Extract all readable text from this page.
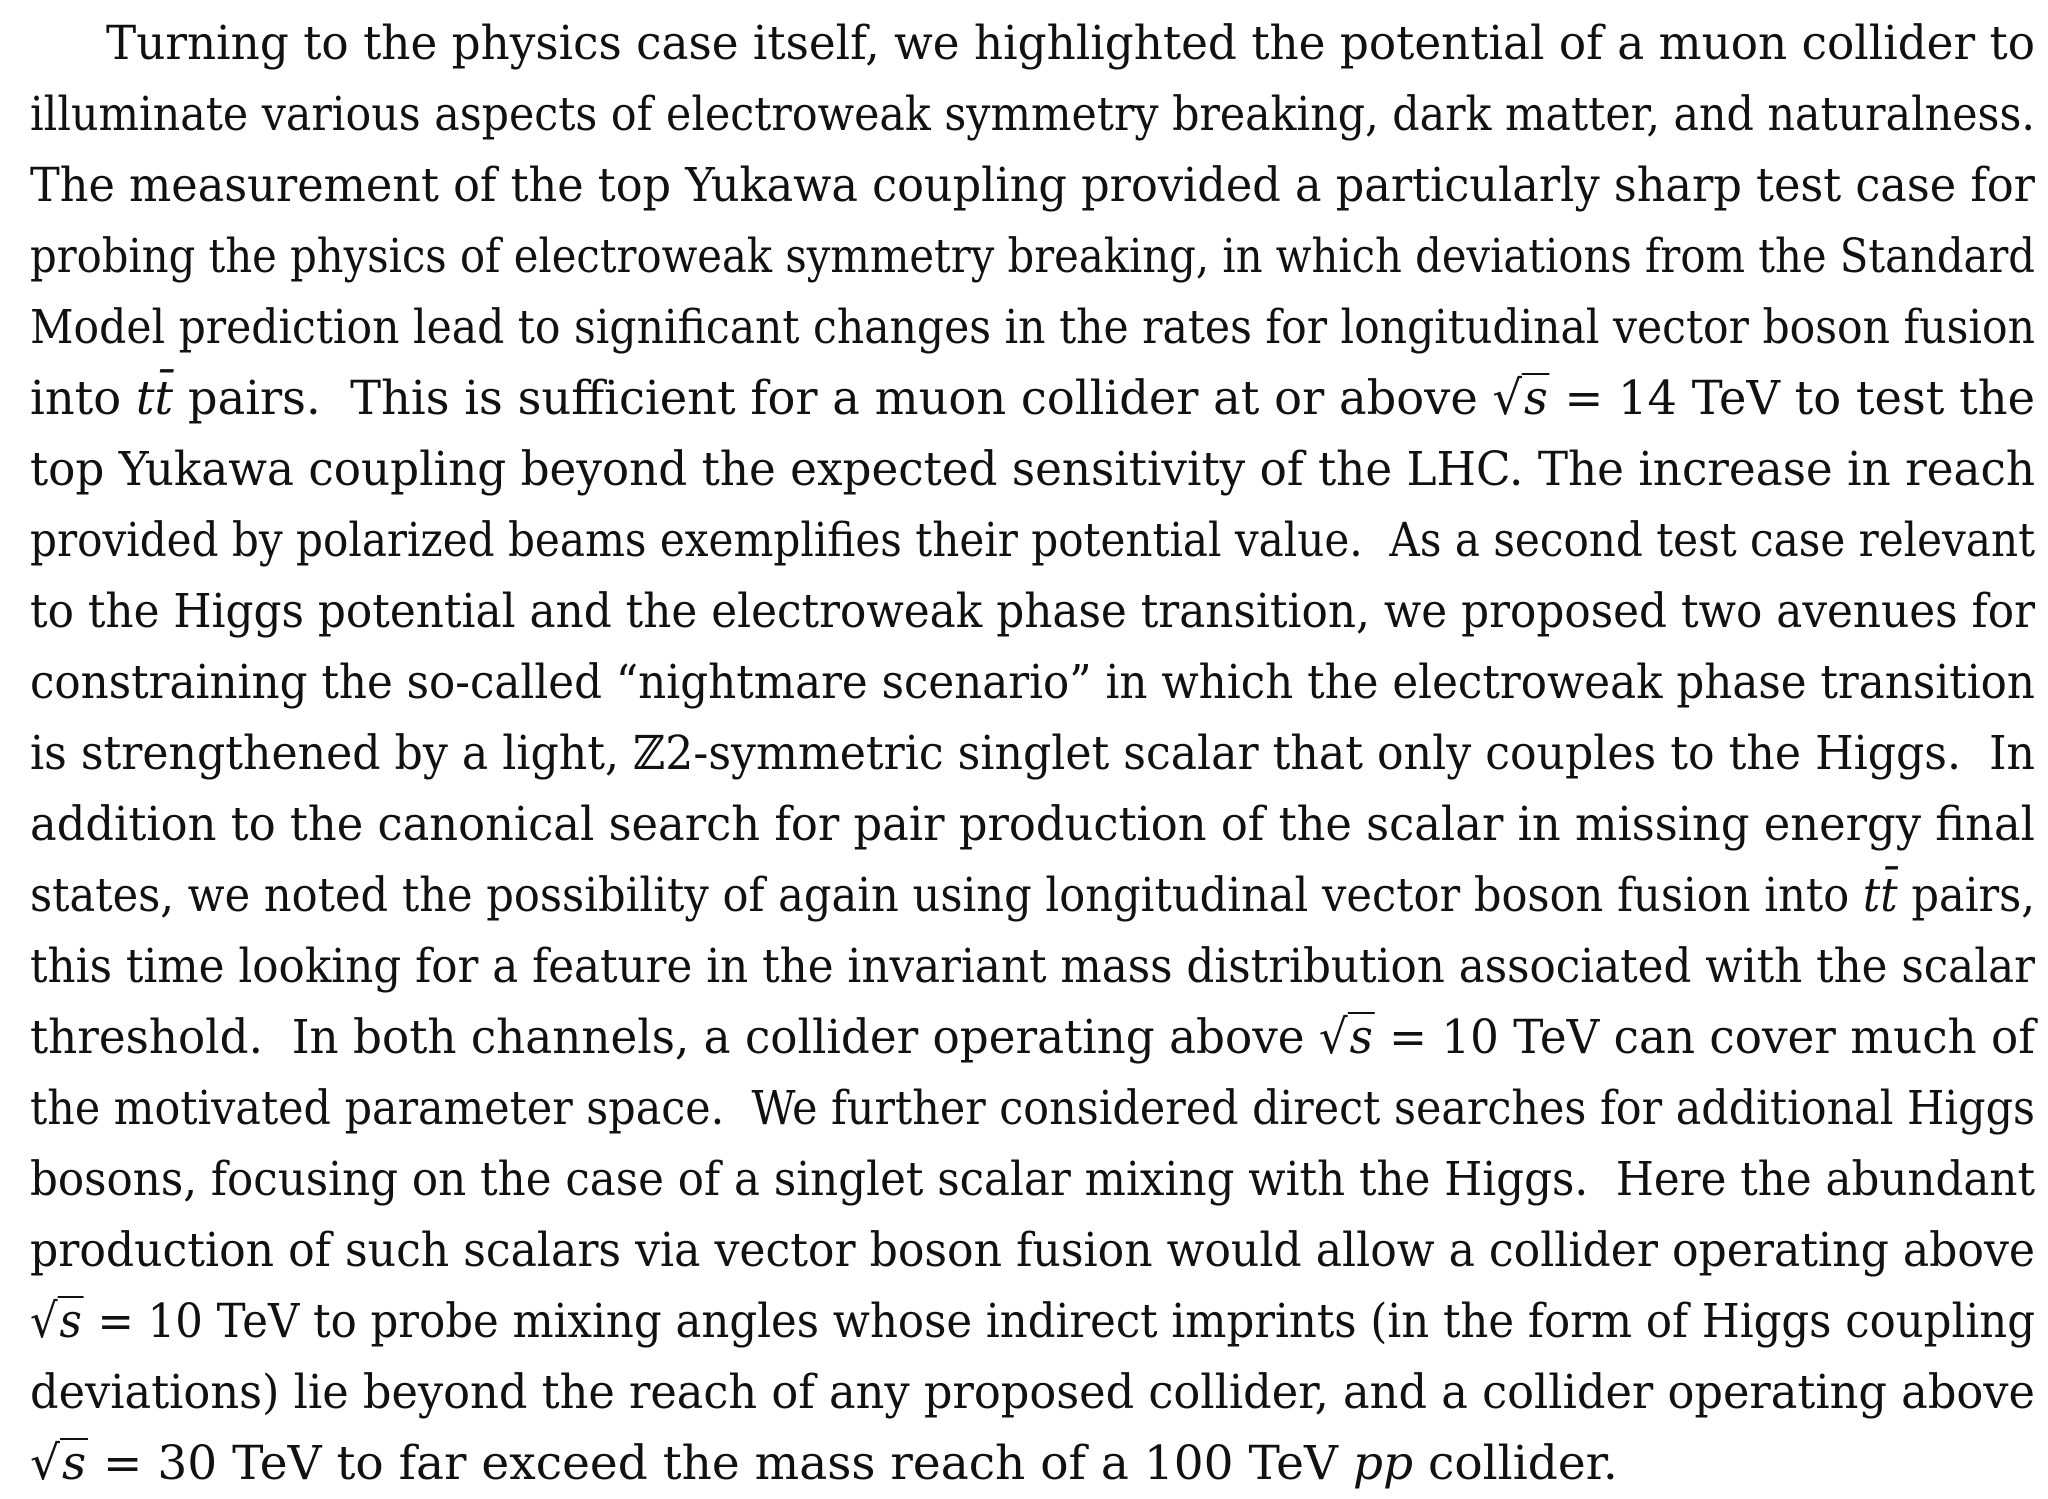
Turning to the physics case itself, we highlighted the potential of a muon collider to
illuminate various aspects of electroweak symmetry breaking, dark matter, and naturalness.
The measurement of the top Yukawa coupling provided a particularly sharp test case for
probing the physics of electroweak symmetry breaking, in which deviations from the Standard
Model prediction lead to significant changes in the rates for longitudinal vector boson fusion
into tt̄ pairs.  This is sufficient for a muon collider at or above √s = 14 TeV to test the
top Yukawa coupling beyond the expected sensitivity of the LHC. The increase in reach
provided by polarized beams exemplifies their potential value.  As a second test case relevant
to the Higgs potential and the electroweak phase transition, we proposed two avenues for
constraining the so-called “nightmare scenario” in which the electroweak phase transition
is strengthened by a light, ℤ2-symmetric singlet scalar that only couples to the Higgs.  In
addition to the canonical search for pair production of the scalar in missing energy final
states, we noted the possibility of again using longitudinal vector boson fusion into tt̄ pairs,
this time looking for a feature in the invariant mass distribution associated with the scalar
threshold.  In both channels, a collider operating above √s = 10 TeV can cover much of
the motivated parameter space.  We further considered direct searches for additional Higgs
bosons, focusing on the case of a singlet scalar mixing with the Higgs.  Here the abundant
production of such scalars via vector boson fusion would allow a collider operating above
√s = 10 TeV to probe mixing angles whose indirect imprints (in the form of Higgs coupling
deviations) lie beyond the reach of any proposed collider, and a collider operating above
√s = 30 TeV to far exceed the mass reach of a 100 TeV pp collider.
